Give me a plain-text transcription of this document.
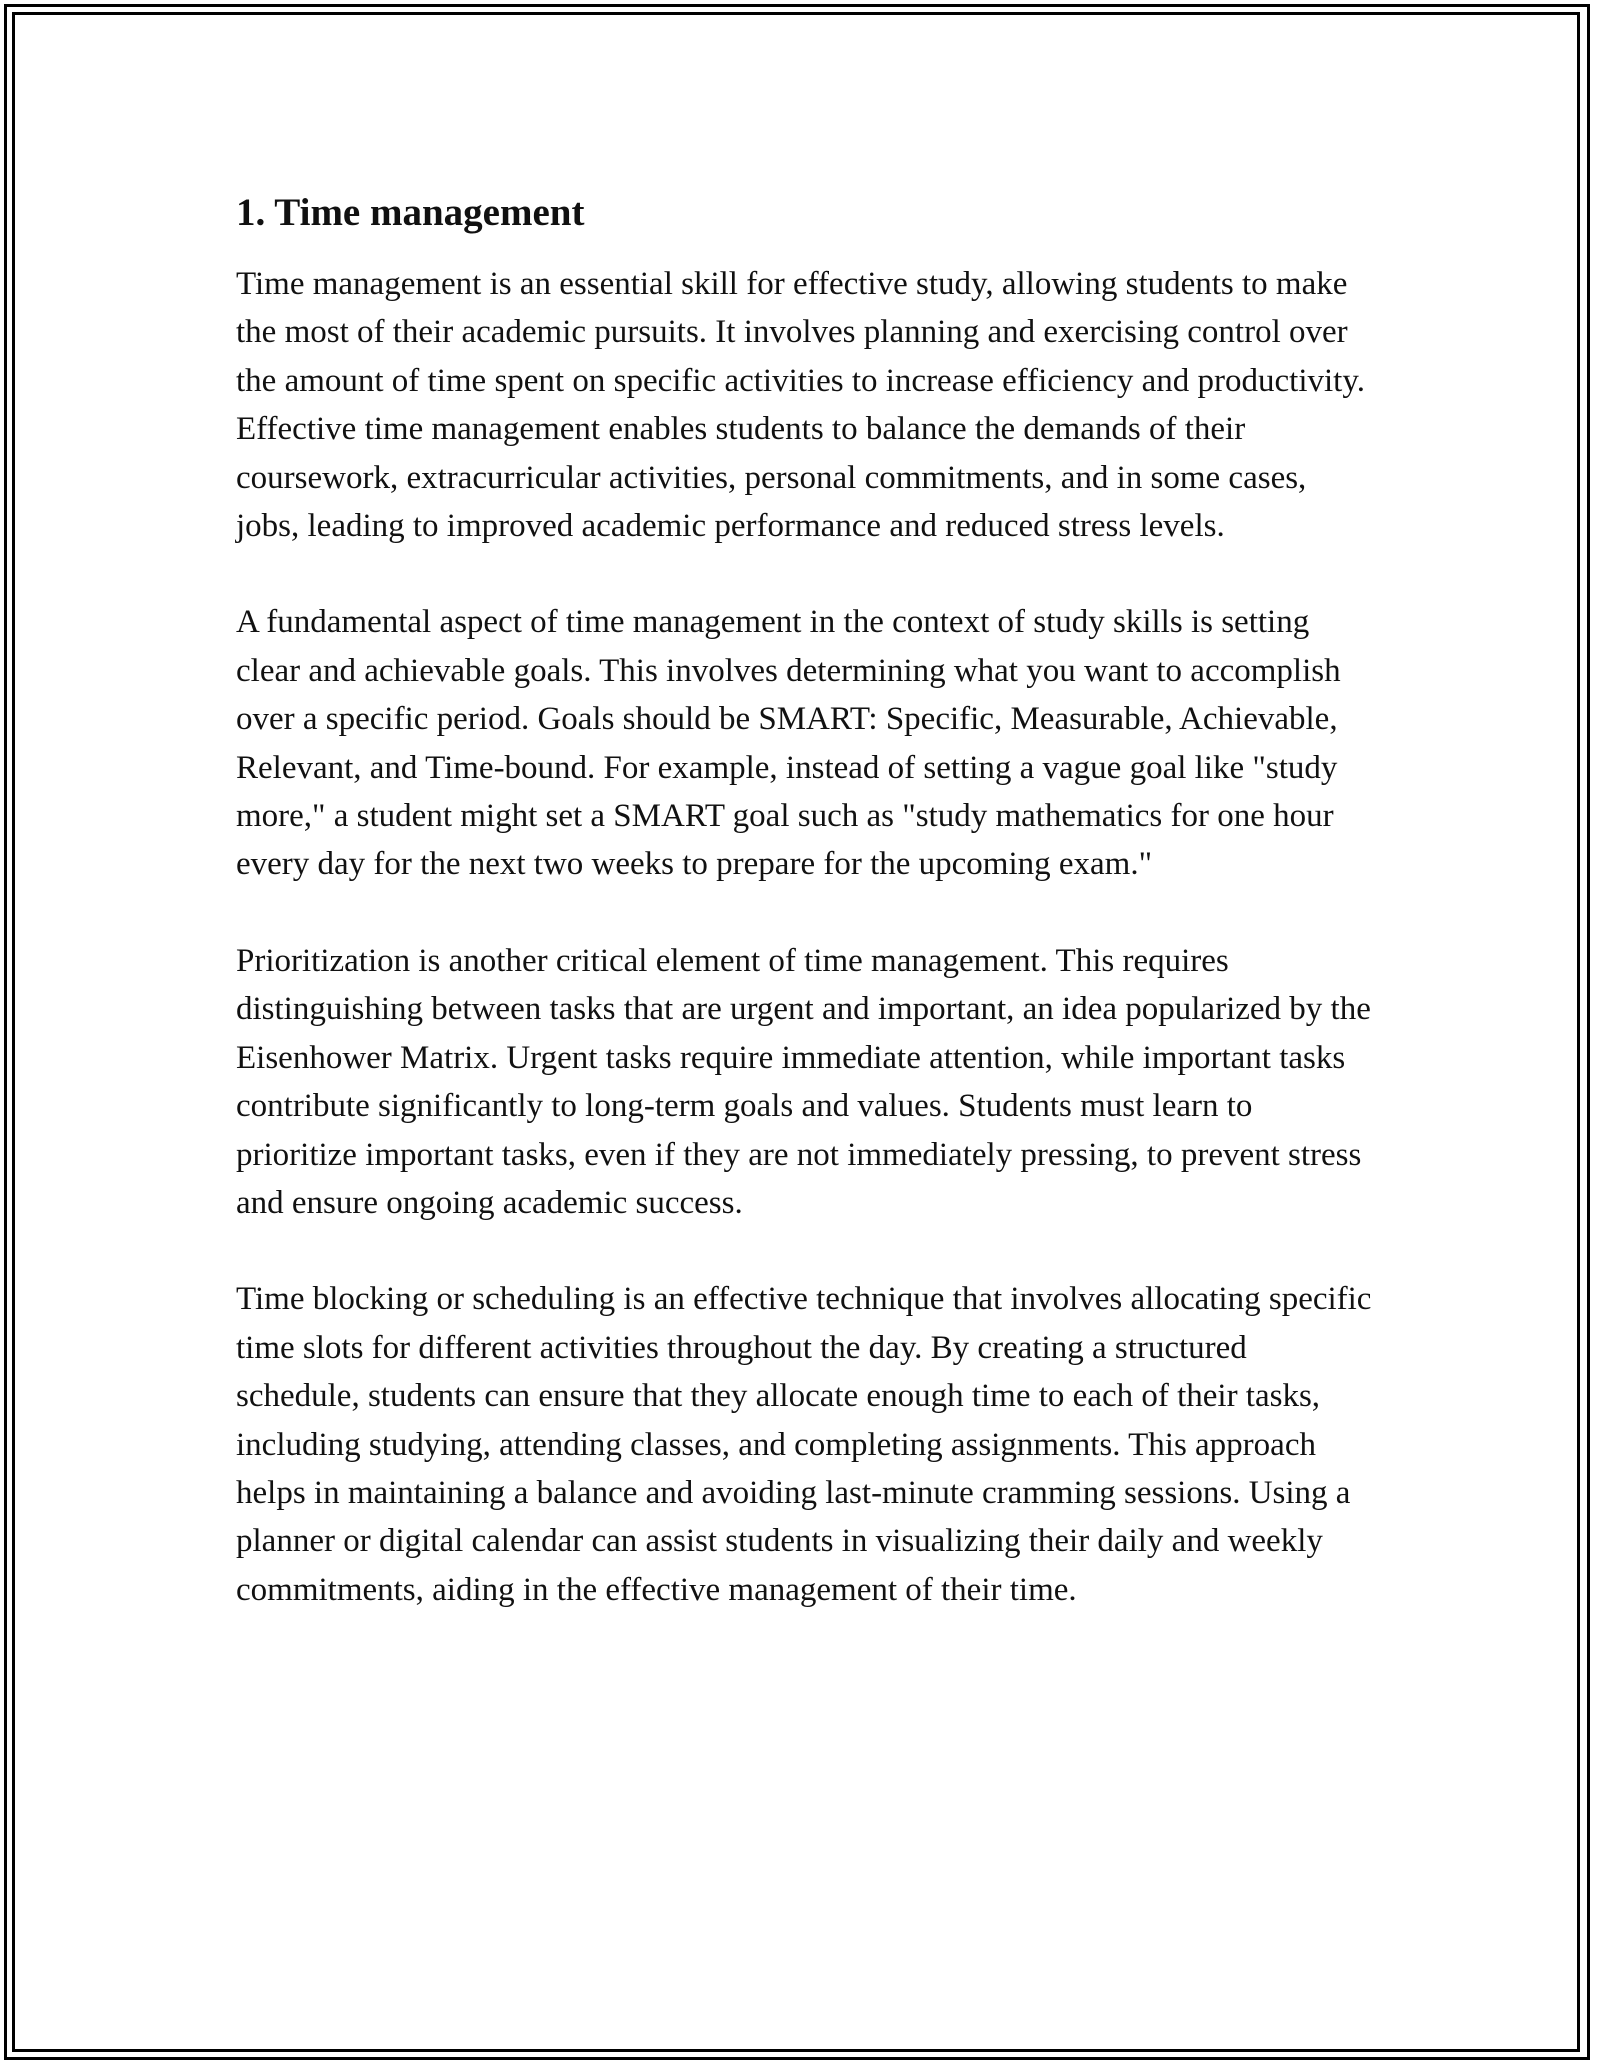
1. Time management

Time management is an essential skill for effective study, allowing students to make the most of their academic pursuits. It involves planning and exercising control over the amount of time spent on specific activities to increase efficiency and productivity. Effective time management enables students to balance the demands of their coursework, extracurricular activities, personal commitments, and in some cases, jobs, leading to improved academic performance and reduced stress levels.

A fundamental aspect of time management in the context of study skills is setting clear and achievable goals. This involves determining what you want to accomplish over a specific period. Goals should be SMART: Specific, Measurable, Achievable, Relevant, and Time-bound. For example, instead of setting a vague goal like "study more," a student might set a SMART goal such as "study mathematics for one hour every day for the next two weeks to prepare for the upcoming exam."

Prioritization is another critical element of time management. This requires distinguishing between tasks that are urgent and important, an idea popularized by the Eisenhower Matrix. Urgent tasks require immediate attention, while important tasks contribute significantly to long-term goals and values. Students must learn to prioritize important tasks, even if they are not immediately pressing, to prevent stress and ensure ongoing academic success.

Time blocking or scheduling is an effective technique that involves allocating specific time slots for different activities throughout the day. By creating a structured schedule, students can ensure that they allocate enough time to each of their tasks, including studying, attending classes, and completing assignments. This approach helps in maintaining a balance and avoiding last-minute cramming sessions. Using a planner or digital calendar can assist students in visualizing their daily and weekly commitments, aiding in the effective management of their time.
